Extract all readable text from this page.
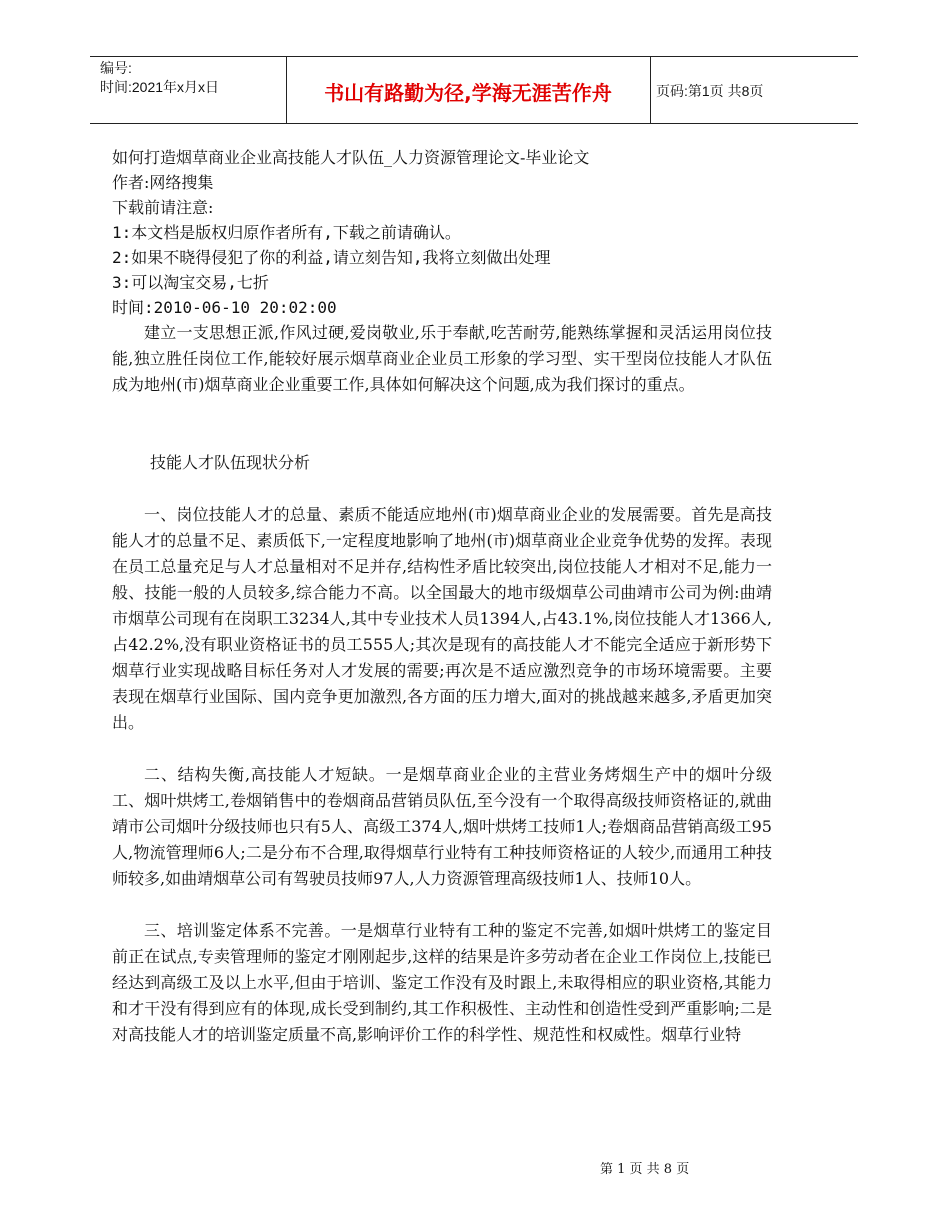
编号:
时间:2021年x月x日	书山有路勤为径,学海无涯苦作舟	页码:第1页 共8页

如何打造烟草商业企业高技能人才队伍_人力资源管理论文-毕业论文

作者:网络搜集

下载前请注意:

1:本文档是版权归原作者所有,下载之前请确认。

2:如果不晓得侵犯了你的利益,请立刻告知,我将立刻做出处理

3:可以淘宝交易,七折

时间:2010-06-10 20:02:00

建立一支思想正派,作风过硬,爱岗敬业,乐于奉献,吃苦耐劳,能熟练掌握和灵活运用岗位技能,独立胜任岗位工作,能较好展示烟草商业企业员工形象的学习型、实干型岗位技能人才队伍成为地州(市)烟草商业企业重要工作,具体如何解决这个问题,成为我们探讨的重点。

技能人才队伍现状分析

一、岗位技能人才的总量、素质不能适应地州(市)烟草商业企业的发展需要。首先是高技能人才的总量不足、素质低下,一定程度地影响了地州(市)烟草商业企业竞争优势的发挥。表现在员工总量充足与人才总量相对不足并存,结构性矛盾比较突出,岗位技能人才相对不足,能力一般、技能一般的人员较多,综合能力不高。以全国最大的地市级烟草公司曲靖市公司为例:曲靖市烟草公司现有在岗职工3234人,其中专业技术人员1394人,占43.1%,岗位技能人才1366人,占42.2%,没有职业资格证书的员工555人;其次是现有的高技能人才不能完全适应于新形势下烟草行业实现战略目标任务对人才发展的需要;再次是不适应激烈竞争的市场环境需要。主要表现在烟草行业国际、国内竞争更加激烈,各方面的压力增大,面对的挑战越来越多,矛盾更加突出。

二、结构失衡,高技能人才短缺。一是烟草商业企业的主营业务烤烟生产中的烟叶分级工、烟叶烘烤工,卷烟销售中的卷烟商品营销员队伍,至今没有一个取得高级技师资格证的,就曲靖市公司烟叶分级技师也只有5人、高级工374人,烟叶烘烤工技师1人;卷烟商品营销高级工95人,物流管理师6人;二是分布不合理,取得烟草行业特有工种技师资格证的人较少,而通用工种技师较多,如曲靖烟草公司有驾驶员技师97人,人力资源管理高级技师1人、技师10人。

三、培训鉴定体系不完善。一是烟草行业特有工种的鉴定不完善,如烟叶烘烤工的鉴定目前正在试点,专卖管理师的鉴定才刚刚起步,这样的结果是许多劳动者在企业工作岗位上,技能已经达到高级工及以上水平,但由于培训、鉴定工作没有及时跟上,未取得相应的职业资格,其能力和才干没有得到应有的体现,成长受到制约,其工作积极性、主动性和创造性受到严重影响;二是对高技能人才的培训鉴定质量不高,影响评价工作的科学性、规范性和权威性。烟草行业特

第 1 页 共 8 页
